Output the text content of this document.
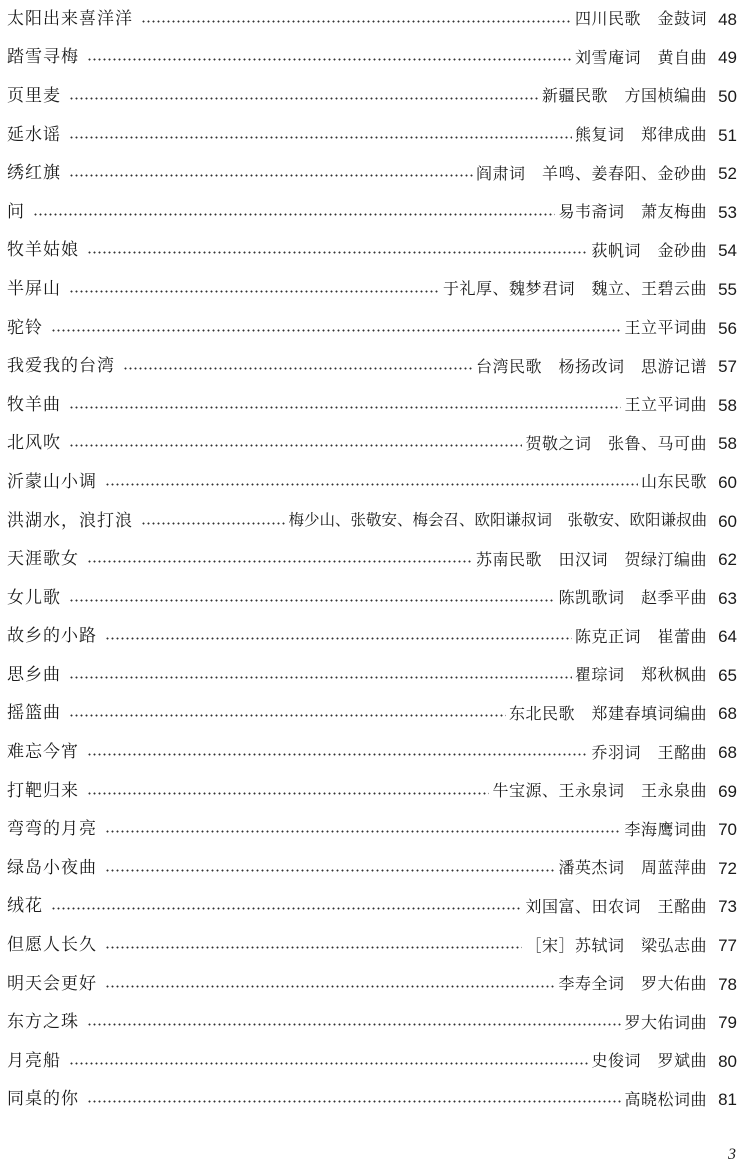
太阳出来喜洋洋	四川民歌　金鼓词 48
踏雪寻梅	刘雪庵词　黄自曲 49
页里麦	新疆民歌　方国桢编曲 50
延水谣	熊复词　郑律成曲 51
绣红旗	阎肃词　羊鸣、姜春阳、金砂曲 52
问	易韦斋词　萧友梅曲 53
牧羊姑娘	荻帆词　金砂曲 54
半屏山	于礼厚、魏梦君词　魏立、王碧云曲 55
驼铃	王立平词曲 56
我爱我的台湾	台湾民歌　杨扬改词　思游记谱 57
牧羊曲	王立平词曲 58
北风吹	贺敬之词　张鲁、马可曲 58
沂蒙山小调	山东民歌 60
洪湖水，浪打浪	梅少山、张敬安、梅会召、欧阳谦叔词　张敬安、欧阳谦叔曲 60
天涯歌女	苏南民歌　田汉词　贺绿汀编曲 62
女儿歌	陈凯歌词　赵季平曲 63
故乡的小路	陈克正词　崔蕾曲 64
思乡曲	瞿琮词　郑秋枫曲 65
摇篮曲	东北民歌　郑建春填词编曲 68
难忘今宵	乔羽词　王酩曲 68
打靶归来	牛宝源、王永泉词　王永泉曲 69
弯弯的月亮	李海鹰词曲 70
绿岛小夜曲	潘英杰词　周蓝萍曲 72
绒花	刘国富、田农词　王酩曲 73
但愿人长久	［宋］苏轼词　梁弘志曲 77
明天会更好	李寿全词　罗大佑曲 78
东方之珠	罗大佑词曲 79
月亮船	史俊词　罗斌曲 80
同桌的你	高晓松词曲 81
3
